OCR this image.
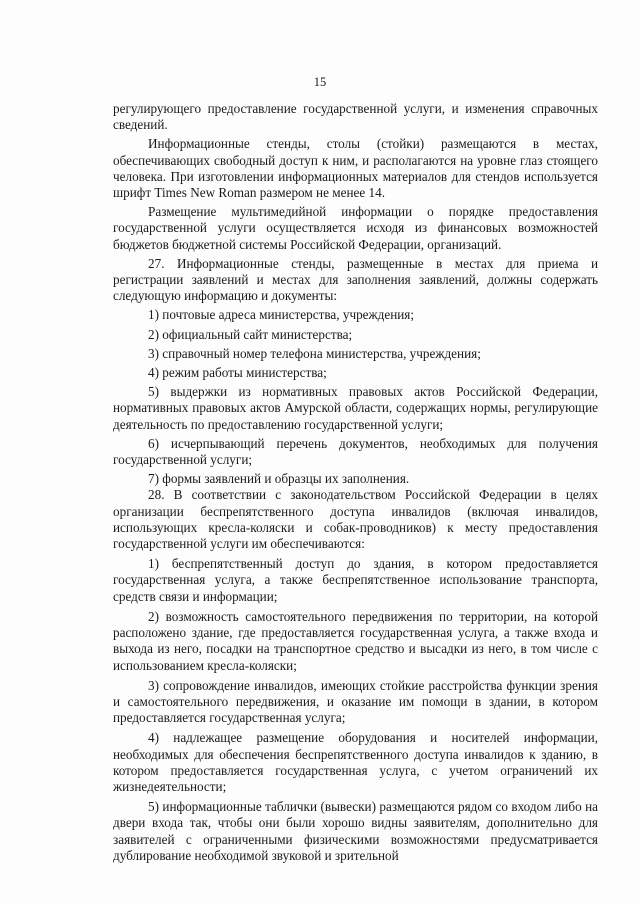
15

регулирующего предоставление государственной услуги, и изменения справочных сведений.

Информационные стенды, столы (стойки) размещаются в местах, обеспечивающих свободный доступ к ним, и располагаются на уровне глаз стоящего человека. При изготовлении информационных материалов для стендов используется шрифт Times New Roman размером не менее 14.

Размещение мультимедийной информации о порядке предоставления государственной услуги осуществляется исходя из финансовых возможностей бюджетов бюджетной системы Российской Федерации, организаций.

27. Информационные стенды, размещенные в местах для приема и регистрации заявлений и местах для заполнения заявлений, должны содержать следующую информацию и документы:

1) почтовые адреса министерства, учреждения;

2) официальный сайт министерства;

3) справочный номер телефона министерства, учреждения;

4) режим работы министерства;

5) выдержки из нормативных правовых актов Российской Федерации, нормативных правовых актов Амурской области, содержащих нормы, регулирующие деятельность по предоставлению государственной услуги;

6) исчерпывающий перечень документов, необходимых для получения государственной услуги;

7) формы заявлений и образцы их заполнения.

28. В соответствии с законодательством Российской Федерации в целях организации беспрепятственного доступа инвалидов (включая инвалидов, использующих кресла-коляски и собак-проводников) к месту предоставления государственной услуги им обеспечиваются:

1) беспрепятственный доступ до здания, в котором предоставляется государственная услуга, а также беспрепятственное использование транспорта, средств связи и информации;

2) возможность самостоятельного передвижения по территории, на которой расположено здание, где предоставляется государственная услуга, а также входа и выхода из него, посадки на транспортное средство и высадки из него, в том числе с использованием кресла-коляски;

3) сопровождение инвалидов, имеющих стойкие расстройства функции зрения и самостоятельного передвижения, и оказание им помощи в здании, в котором предоставляется государственная услуга;

4) надлежащее размещение оборудования и носителей информации, необходимых для обеспечения беспрепятственного доступа инвалидов к зданию, в котором предоставляется государственная услуга, с учетом ограничений их жизнедеятельности;

5) информационные таблички (вывески) размещаются рядом со входом либо на двери входа так, чтобы они были хорошо видны заявителям, дополнительно для заявителей с ограниченными физическими возможностями предусматривается дублирование необходимой звуковой и зрительной
